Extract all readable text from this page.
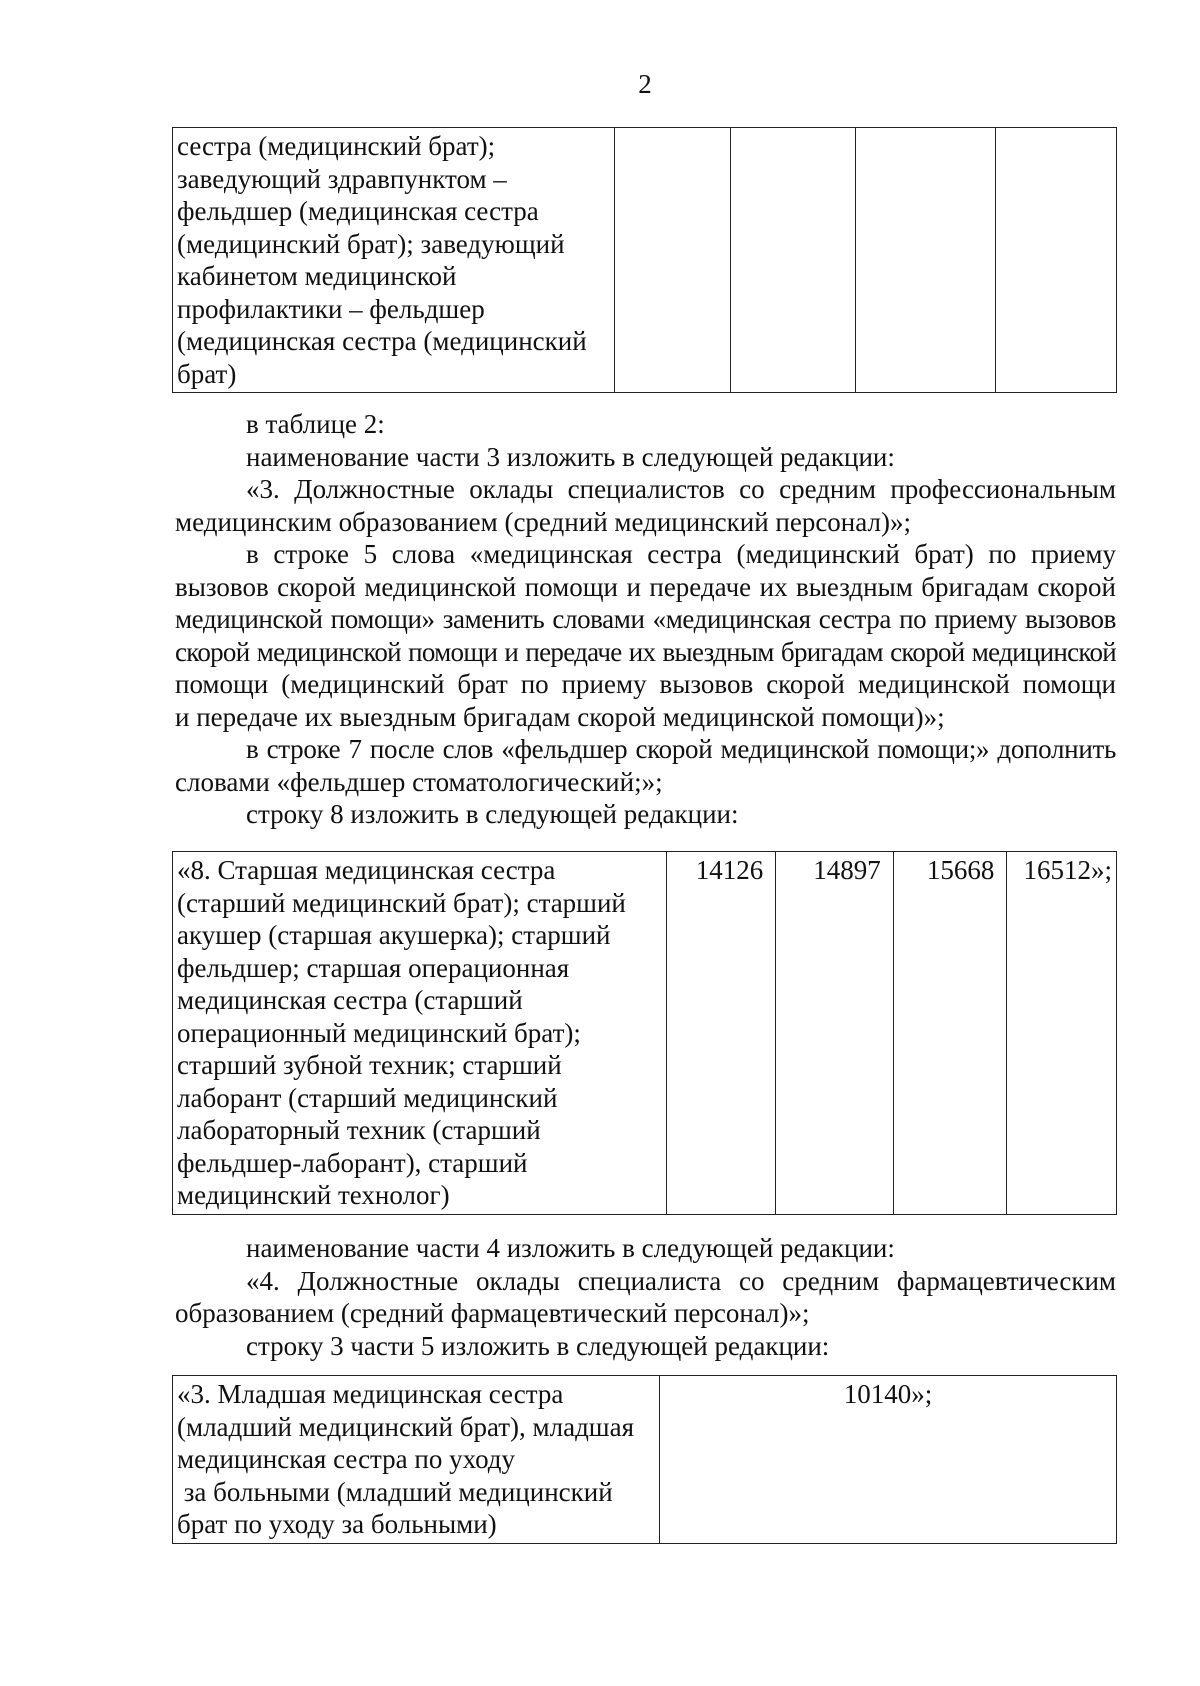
2
сестра (медицинский брат);
заведующий здравпунктом –
фельдшер (медицинская сестра
(медицинский брат); заведующий
кабинетом медицинской
профилактики – фельдшер
(медицинская сестра (медицинский
брат)

в таблице 2:

наименование части 3 изложить в следующей редакции:

«3. Должностные оклады специалистов со средним профессиональным

медицинским образованием (средний медицинский персонал)»;

в строке 5 слова «медицинская сестра (медицинский брат) по приему

вызовов скорой медицинской помощи и передаче их выездным бригадам скорой

медицинской помощи» заменить словами «медицинская сестра по приему вызовов

скорой медицинской помощи и передаче их выездным бригадам скорой медицинской

помощи (медицинский брат по приему вызовов скорой медицинской помощи

и передаче их выездным бригадам скорой медицинской помощи)»;

в строке 7 после слов «фельдшер скорой медицинской помощи;» дополнить

словами «фельдшер стоматологический;»;

строку 8 изложить в следующей редакции:

«8. Старшая медицинская сестра
(старший медицинский брат); старший
акушер (старшая акушерка); старший
фельдшер; старшая операционная
медицинская сестра (старший
операционный медицинский брат);
старший зубной техник; старший
лаборант (старший медицинский
лабораторный техник (старший
фельдшер-лаборант), старший
медицинский технолог)
	14126	14897	15668	16512»;

наименование части 4 изложить в следующей редакции:

«4. Должностные оклады специалиста со средним фармацевтическим

образованием (средний фармацевтический персонал)»;

строку 3 части 5 изложить в следующей редакции:

«3. Младшая медицинская сестра
(младший медицинский брат), младшая
медицинская сестра по уходу
за больными (младший медицинский
брат по уходу за больными)
	10140»;
